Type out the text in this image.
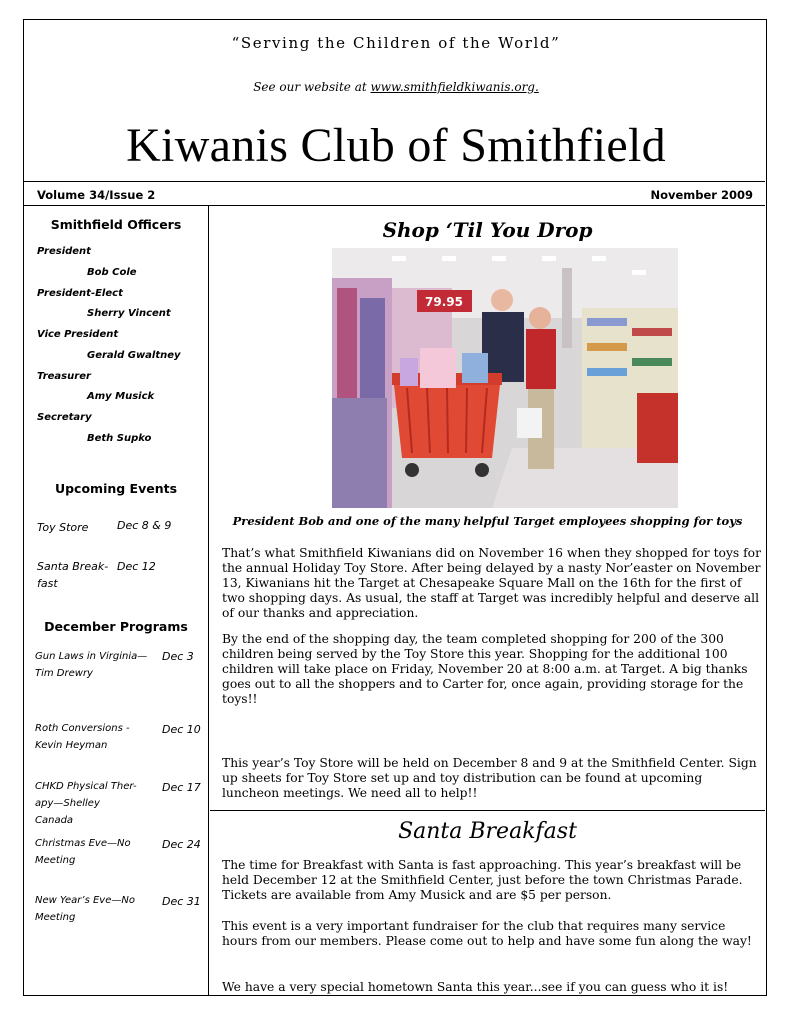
“Serving the Children of the World”
See our website at www.smithfieldkiwanis.org.
Kiwanis Club of Smithfield
Volume 34/Issue 2	November 2009
Smithfield Officers
President
Bob Cole
President-Elect
Sherry Vincent
Vice President
Gerald Gwaltney
Treasurer
Amy Musick
Secretary
Beth Supko
Upcoming Events
Toy Store	Dec 8 & 9
Santa Break-fast
Dec 12
December Programs
Gun Laws in Virginia—Tim Drewry
Dec 3
Roth Conversions - Kevin Heyman
Dec 10
CHKD Physical Ther-apy—Shelley Canada
Dec 17
Christmas Eve—No Meeting
Dec 24
New Year’s Eve—No Meeting
Dec 31
Shop ‘Til You Drop
79.95
President Bob and one of the many helpful Target employees shopping for toys
That’s what Smithfield Kiwanians did on November 16 when they shopped for toys for the annual Holiday Toy Store. After being delayed by a nasty Nor’easter on November 13, Kiwanians hit the Target at Chesapeake Square Mall on the 16th for the first of two shopping days. As usual, the staff at Target was incredibly helpful and deserve all of our thanks and appreciation.
By the end of the shopping day, the team completed shopping for 200 of the 300 children being served by the Toy Store this year. Shopping for the additional 100 children will take place on Friday, November 20 at 8:00 a.m. at Target. A big thanks goes out to all the shoppers and to Carter for, once again, providing storage for the toys!!
This year’s Toy Store will be held on December 8 and 9 at the Smithfield Center. Sign up sheets for Toy Store set up and toy distribution can be found at upcoming luncheon meetings. We need all to help!!
Santa Breakfast
The time for Breakfast with Santa is fast approaching. This year’s breakfast will be held December 12 at the Smithfield Center, just before the town Christmas Parade. Tickets are available from Amy Musick and are $5 per person.
This event is a very important fundraiser for the club that requires many service hours from our members. Please come out to help and have some fun along the way!
We have a very special hometown Santa this year...see if you can guess who it is!
